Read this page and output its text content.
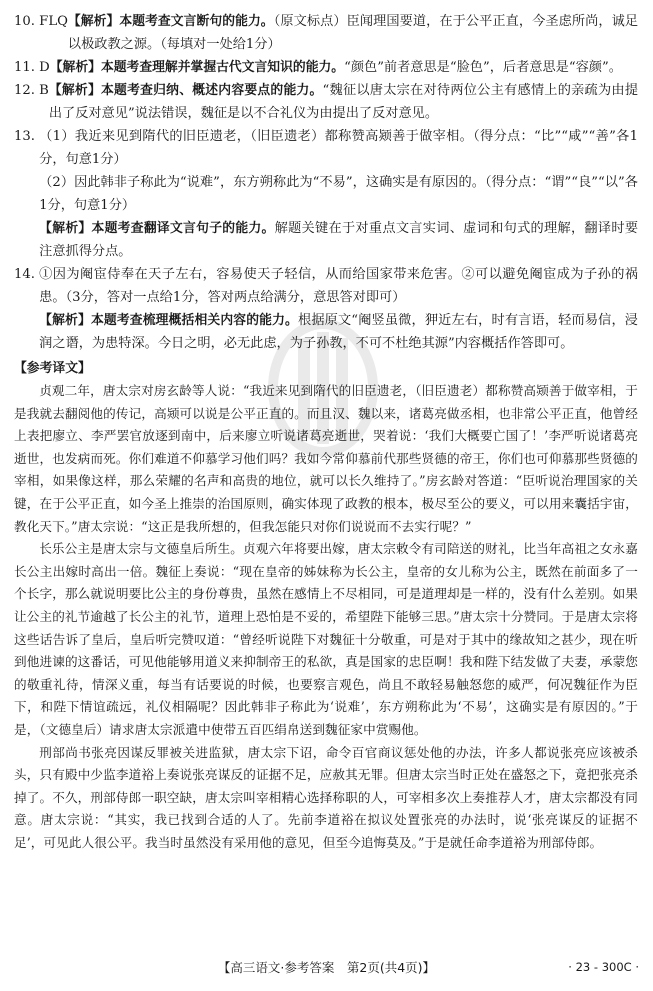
10. FLQ 【解析】本题考查文言断句的能力。（原文标点）臣闻理国要道，在于公平正直，今圣虑所尚，诚足以极政教之源。（每填对一处给1分）

11. D 【解析】本题考查理解并掌握古代文言知识的能力。“颜色”前者意思是“脸色”，后者意思是“容颜”。

12. B 【解析】本题考查归纳、概述内容要点的能力。“魏征以唐太宗在对待两位公主有感情上的亲疏为由提出了反对意见”说法错误，魏征是以不合礼仪为由提出了反对意见。

13. （1）我近来见到隋代的旧臣遗老，（旧臣遗老）都称赞高颎善于做宰相。（得分点：“比”“咸”“善”各1分，句意1分）

（2）因此韩非子称此为“说难”，东方朔称此为“不易”，这确实是有原因的。（得分点：“谓”“良”“以”各1分，句意1分）

【解析】本题考查翻译文言句子的能力。解题关键在于对重点文言实词、虚词和句式的理解，翻译时要注意抓得分点。

14. ①因为阉宦侍奉在天子左右，容易使天子轻信，从而给国家带来危害。②可以避免阉宦成为子孙的祸患。（3分，答对一点给1分，答对两点给满分，意思答对即可）

【解析】本题考查梳理概括相关内容的能力。根据原文“阉竖虽微，狎近左右，时有言语，轻而易信，浸润之谮，为患特深。今日之明，必无此虑，为子孙教，不可不杜绝其源”内容概括作答即可。

【参考译文】

贞观二年，唐太宗对房玄龄等人说：“我近来见到隋代的旧臣遗老，（旧臣遗老）都称赞高颎善于做宰相，于是我就去翻阅他的传记，高颎可以说是公平正直的。而且汉、魏以来，诸葛亮做丞相，也非常公平正直，他曾经上表把廖立、李严罢官放逐到南中，后来廖立听说诸葛亮逝世，哭着说：‘我们大概要亡国了！’李严听说诸葛亮逝世，也发病而死。你们难道不仰慕学习他们吗？我如今常仰慕前代那些贤德的帝王，你们也可仰慕那些贤德的宰相，如果像这样，那么荣耀的名声和高贵的地位，就可以长久维持了。”房玄龄对答道：“臣听说治理国家的关键，在于公平正直，如今圣上推崇的治国原则，确实体现了政教的根本，极尽至公的要义，可以用来囊括宇宙，教化天下。”唐太宗说：“这正是我所想的，但我怎能只对你们说说而不去实行呢？”

长乐公主是唐太宗与文德皇后所生。贞观六年将要出嫁，唐太宗敕令有司陪送的财礼，比当年高祖之女永嘉长公主出嫁时高出一倍。魏征上奏说：“现在皇帝的姊妹称为长公主，皇帝的女儿称为公主，既然在前面多了一个长字，那么就说明要比公主的身份尊贵，虽然在感情上不尽相同，可是道理却是一样的，没有什么差别。如果让公主的礼节逾越了长公主的礼节，道理上恐怕是不妥的，希望陛下能够三思。”唐太宗十分赞同。于是唐太宗将这些话告诉了皇后，皇后听完赞叹道：“曾经听说陛下对魏征十分敬重，可是对于其中的缘故知之甚少，现在听到他进谏的这番话，可见他能够用道义来抑制帝王的私欲，真是国家的忠臣啊！我和陛下结发做了夫妻，承蒙您的敬重礼待，情深义重，每当有话要说的时候，也要察言观色，尚且不敢轻易触怒您的威严，何况魏征作为臣下，和陛下情谊疏远，礼仪相隔呢？因此韩非子称此为‘说难’，东方朔称此为‘不易’，这确实是有原因的。”于是，（文德皇后）请求唐太宗派遣中使带五百匹绢帛送到魏征家中赏赐他。

刑部尚书张亮因谋反罪被关进监狱，唐太宗下诏，命令百官商议惩处他的办法，许多人都说张亮应该被杀头，只有殿中少监李道裕上奏说张亮谋反的证据不足，应赦其无罪。但唐太宗当时正处在盛怒之下，竟把张亮杀掉了。不久，刑部侍郎一职空缺，唐太宗叫宰相精心选择称职的人，可宰相多次上奏推荐人才，唐太宗都没有同意。唐太宗说：“其实，我已找到合适的人了。先前李道裕在拟议处置张亮的办法时，说‘张亮谋反的证据不足’，可见此人很公平。我当时虽然没有采用他的意见，但至今追悔莫及。”于是就任命李道裕为刑部侍郎。

【高三语文·参考答案　第2页(共4页)】	· 23 - 300C ·
